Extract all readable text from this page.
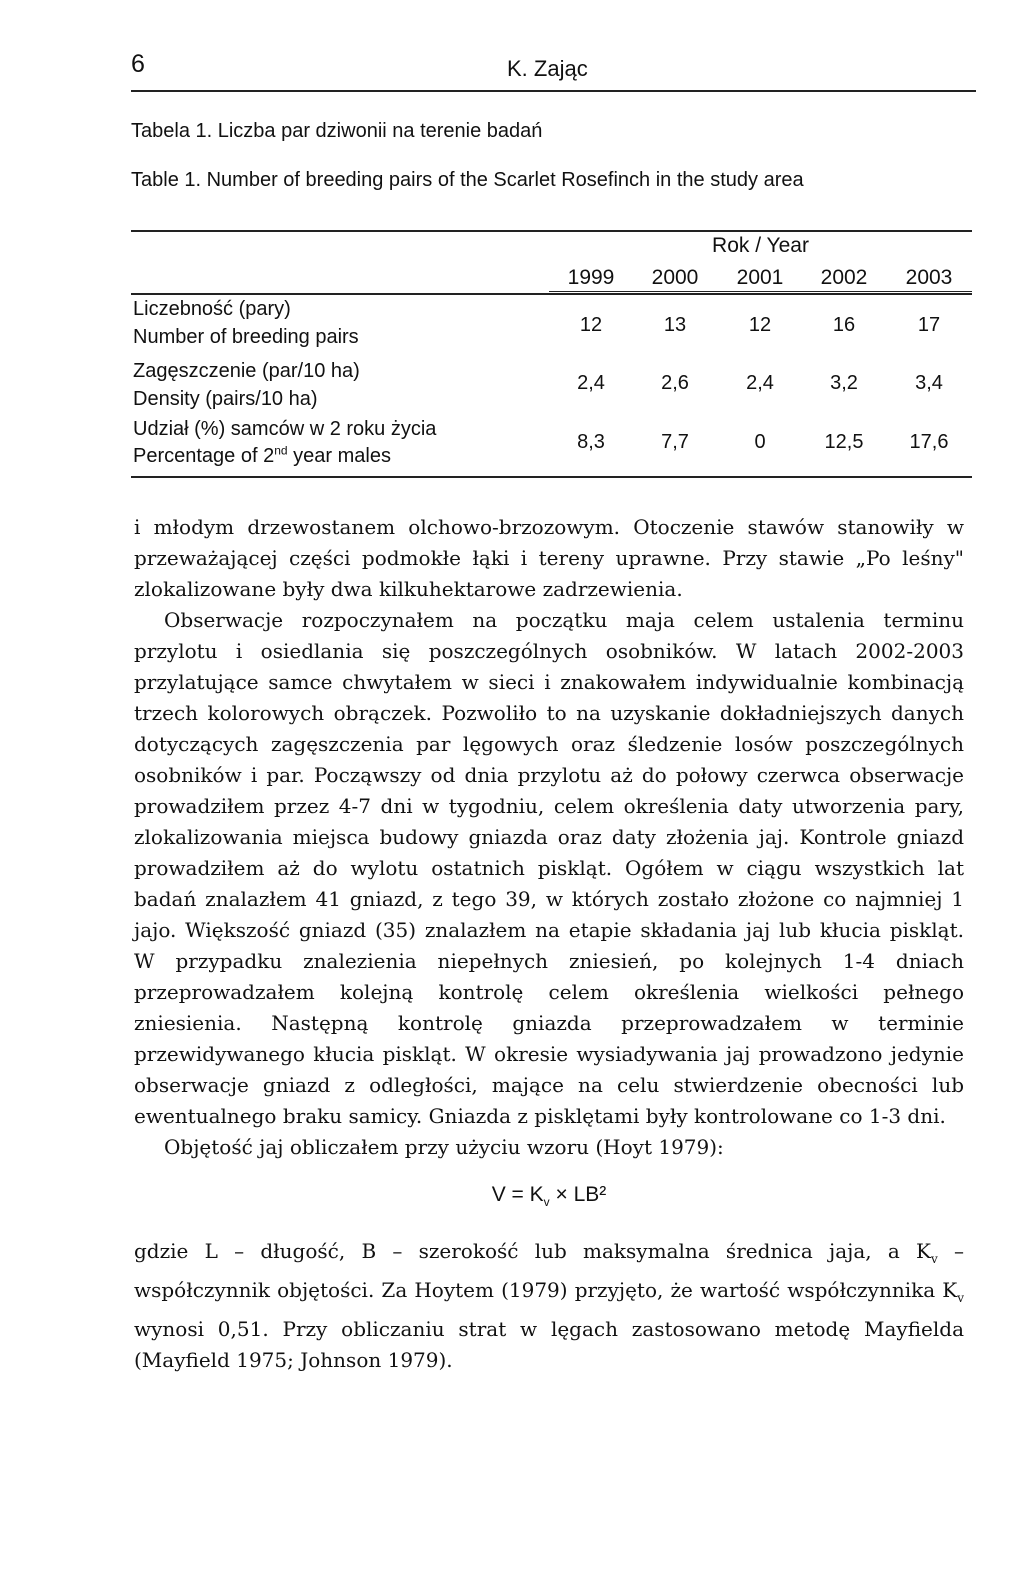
6	K. Zając
Tabela 1. Liczba par dziwonii na terenie badań
Table 1. Number of breeding pairs of the Scarlet Rosefinch in the study area
Rok / Year
1999	2000	2001	2002	2003
Liczebność (pary)
Number of breeding pairs
12	13	12	16	17
Zagęszczenie (par/10 ha)
Density (pairs/10 ha)
2,4	2,6	2,4	3,2	3,4
Udział (%) samców w 2 roku życia
Percentage of 2nd year males
8,3	7,7	0	12,5	17,6

i młodym drzewostanem olchowo-brzozowym. Otoczenie stawów stanowiły w przeważającej części podmokłe łąki i tereny uprawne. Przy stawie „Po leśny" zlokalizowane były dwa kilkuhektarowe zadrzewienia.

Obserwacje rozpoczynałem na początku maja celem ustalenia terminu przylotu i osiedlania się poszczególnych osobników. W latach 2002-2003 przylatujące samce chwytałem w sieci i znakowałem indywidualnie kombinacją trzech kolorowych obrączek. Pozwoliło to na uzyskanie dokładniejszych danych dotyczących zagęszczenia par lęgowych oraz śledzenie losów poszczególnych osobników i par. Począwszy od dnia przylotu aż do połowy czerwca obserwacje prowadziłem przez 4-7 dni w tygodniu, celem określenia daty utworzenia pary, zlokalizowania miejsca budowy gniazda oraz daty złożenia jaj. Kontrole gniazd prowadziłem aż do wylotu ostatnich piskląt. Ogółem w ciągu wszystkich lat badań znalazłem 41 gniazd, z tego 39, w których zostało złożone co najmniej 1 jajo. Większość gniazd (35) znalazłem na etapie składania jaj lub kłucia piskląt. W przypadku znalezienia niepełnych zniesień, po kolejnych 1-4 dniach przeprowadzałem kolejną kontrolę celem określenia wielkości pełnego zniesienia. Następną kontrolę gniazda przeprowadzałem w terminie przewidywanego kłucia piskląt. W okresie wysiadywania jaj prowadzono jedynie obserwacje gniazd z odległości, mające na celu stwierdzenie obecności lub ewentualnego braku samicy. Gniazda z pisklętami były kontrolowane co 1-3 dni.

Objętość jaj obliczałem przy użyciu wzoru (Hoyt 1979):

$V = K_v \times LB^2$

gdzie L – długość, B – szerokość lub maksymalna średnica jaja, a $K_v$ – współczynnik objętości. Za Hoytem (1979) przyjęto, że wartość współczynnika $K_v$ wynosi 0,51. Przy obliczaniu strat w lęgach zastosowano metodę Mayfielda (Mayfield 1975; Johnson 1979).
